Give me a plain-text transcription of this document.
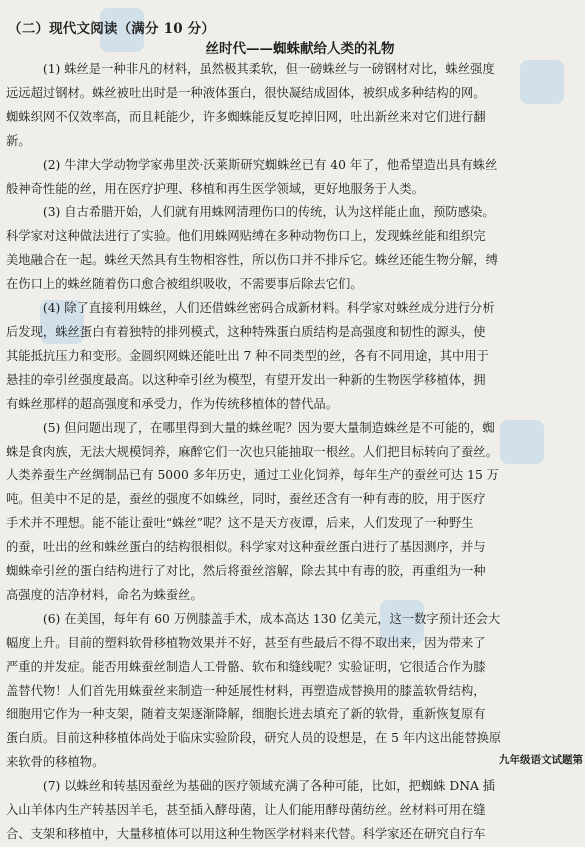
（二）现代文阅读（满分 10 分）
丝时代——蜘蛛献给人类的礼物
(1) 蛛丝是一种非凡的材料，虽然极其柔软，但一磅蛛丝与一磅钢材对比，蛛丝强度
远远超过钢材。蛛丝被吐出时是一种液体蛋白，很快凝结成固体，被织成多种结构的网。
蜘蛛织网不仅效率高，而且耗能少，许多蜘蛛能反复吃掉旧网，吐出新丝来对它们进行翻
新。
(2) 牛津大学动物学家弗里茨·沃莱斯研究蜘蛛丝已有 40 年了，他希望造出具有蛛丝
般神奇性能的丝，用在医疗护理、移植和再生医学领域，更好地服务于人类。
(3) 自古希腊开始，人们就有用蛛网清理伤口的传统，认为这样能止血，预防感染。
科学家对这种做法进行了实验。他们用蛛网贴缚在多种动物伤口上，发现蛛丝能和组织完
美地融合在一起。蛛丝天然具有生物相容性，所以伤口并不排斥它。蛛丝还能生物分解，缚
在伤口上的蛛丝随着伤口愈合被组织吸收，不需要事后除去它们。
(4) 除了直接利用蛛丝，人们还借蛛丝密码合成新材料。科学家对蛛丝成分进行分析
后发现，蛛丝蛋白有着独特的排列模式，这种特殊蛋白质结构是高强度和韧性的源头，使
其能抵抗压力和变形。金圆织网蛛还能吐出 7 种不同类型的丝，各有不同用途，其中用于
悬挂的牵引丝强度最高。以这种牵引丝为模型，有望开发出一种新的生物医学移植体，拥
有蛛丝那样的超高强度和承受力，作为传统移植体的替代品。
(5) 但问题出现了，在哪里得到大量的蛛丝呢？因为要大量制造蛛丝是不可能的，蜘
蛛是食肉族，无法大规模饲养，麻醉它们一次也只能抽取一根丝。人们把目标转向了蚕丝。
人类养蚕生产丝绸制品已有 5000 多年历史，通过工业化饲养，每年生产的蚕丝可达 15 万
吨。但美中不足的是，蚕丝的强度不如蛛丝，同时，蚕丝还含有一种有毒的胶，用于医疗
手术并不理想。能不能让蚕吐“蛛丝”呢？这不是天方夜谭，后来，人们发现了一种野生
的蚕，吐出的丝和蛛丝蛋白的结构很相似。科学家对这种蚕丝蛋白进行了基因测序，并与
蜘蛛牵引丝的蛋白结构进行了对比，然后将蚕丝溶解，除去其中有毒的胶，再重组为一种
高强度的洁净材料，命名为蛛蚕丝。
(6) 在美国，每年有 60 万例膝盖手术，成本高达 130 亿美元，这一数字预计还会大
幅度上升。目前的塑料软骨移植物效果并不好，甚至有些最后不得不取出来，因为带来了
严重的并发症。能否用蛛蚕丝制造人工骨骼、软布和缝线呢？实验证明，它很适合作为膝
盖替代物！人们首先用蛛蚕丝来制造一种延展性材料，再塑造成替换用的膝盖软骨结构，
细胞用它作为一种支架，随着支架逐渐降解，细胞长进去填充了新的软骨，重新恢复原有
蛋白质。目前这种移植体尚处于临床实验阶段，研究人员的设想是，在 5 年内这出能替换原
来软骨的移植物。
(7) 以蛛丝和转基因蚕丝为基础的医疗领域充满了各种可能，比如，把蜘蛛 DNA 插
入山羊体内生产转基因羊毛，甚至插入酵母菌，让人们能用酵母菌纺丝。丝材料可用在缝
合、支架和移植中，大量移植体可以用这种生物医学材料来代替。科学家还在研究自行车
九年级语文试题第
